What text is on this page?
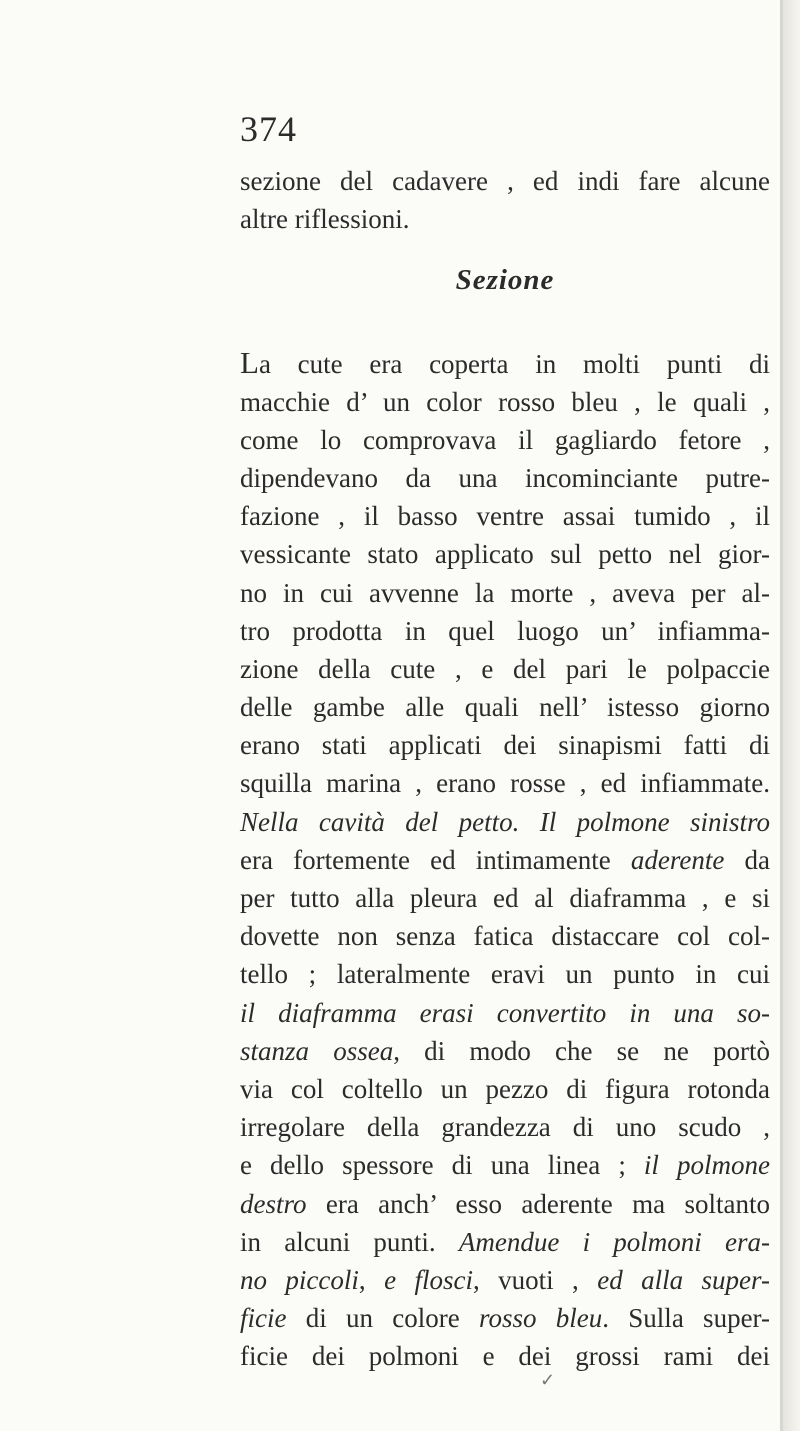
374
sezione del cadavere , ed indi fare alcune
altre riflessioni.
Sezione
La cute era coperta in molti punti di
macchie d’ un color rosso bleu , le quali ,
come lo comprovava il gagliardo fetore ,
dipendevano da una incominciante putre-
fazione , il basso ventre assai tumido , il
vessicante stato applicato sul petto nel gior-
no in cui avvenne la morte , aveva per al-
tro prodotta in quel luogo un’ infiamma-
zione della cute , e del pari le polpaccie
delle gambe alle quali nell’ istesso giorno
erano stati applicati dei sinapismi fatti di
squilla marina , erano rosse , ed infiammate.
Nella cavità del petto. Il polmone sinistro
era fortemente ed intimamente aderente da
per tutto alla pleura ed al diaframma , e si
dovette non senza fatica distaccare col col-
tello ; lateralmente eravi un punto in cui
il diaframma erasi convertito in una so-
stanza ossea, di modo che se ne portò
via col coltello un pezzo di figura rotonda
irregolare della grandezza di uno scudo ,
e dello spessore di una linea ; il polmone
destro era anch’ esso aderente ma soltanto
in alcuni punti. Amendue i polmoni era-
no piccoli, e flosci, vuoti , ed alla super-
ficie di un colore rosso bleu. Sulla super-
ficie dei polmoni e dei grossi rami dei
✓
